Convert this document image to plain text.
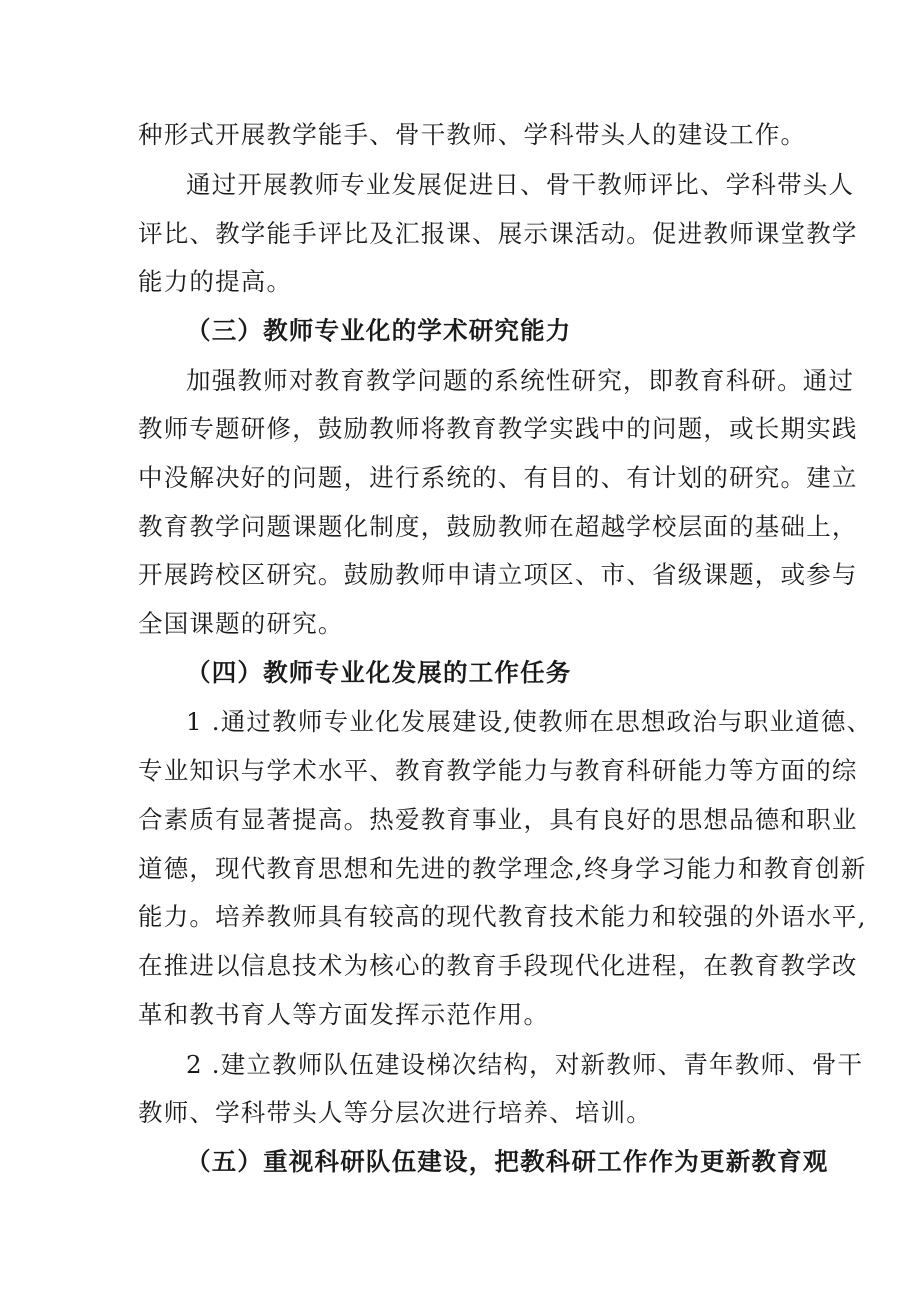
种形式开展教学能手、骨干教师、学科带头人的建设工作。
通过开展教师专业发展促进日、骨干教师评比、学科带头人
评比、教学能手评比及汇报课、展示课活动。促进教师课堂教学
能力的提高。
（三）教师专业化的学术研究能力
加强教师对教育教学问题的系统性研究，即教育科研。通过
教师专题研修，鼓励教师将教育教学实践中的问题，或长期实践
中没解决好的问题，进行系统的、有目的、有计划的研究。建立
教育教学问题课题化制度，鼓励教师在超越学校层面的基础上，
开展跨校区研究。鼓励教师申请立项区、市、省级课题，或参与
全国课题的研究。
（四）教师专业化发展的工作任务
1 .通过教师专业化发展建设,使教师在思想政治与职业道德、
专业知识与学术水平、教育教学能力与教育科研能力等方面的综
合素质有显著提高。热爱教育事业，具有良好的思想品德和职业
道德，现代教育思想和先进的教学理念,终身学习能力和教育创新
能力。培养教师具有较高的现代教育技术能力和较强的外语水平,
在推进以信息技术为核心的教育手段现代化进程，在教育教学改
革和教书育人等方面发挥示范作用。
2 .建立教师队伍建设梯次结构，对新教师、青年教师、骨干
教师、学科带头人等分层次进行培养、培训。
（五）重视科研队伍建设，把教科研工作作为更新教育观
